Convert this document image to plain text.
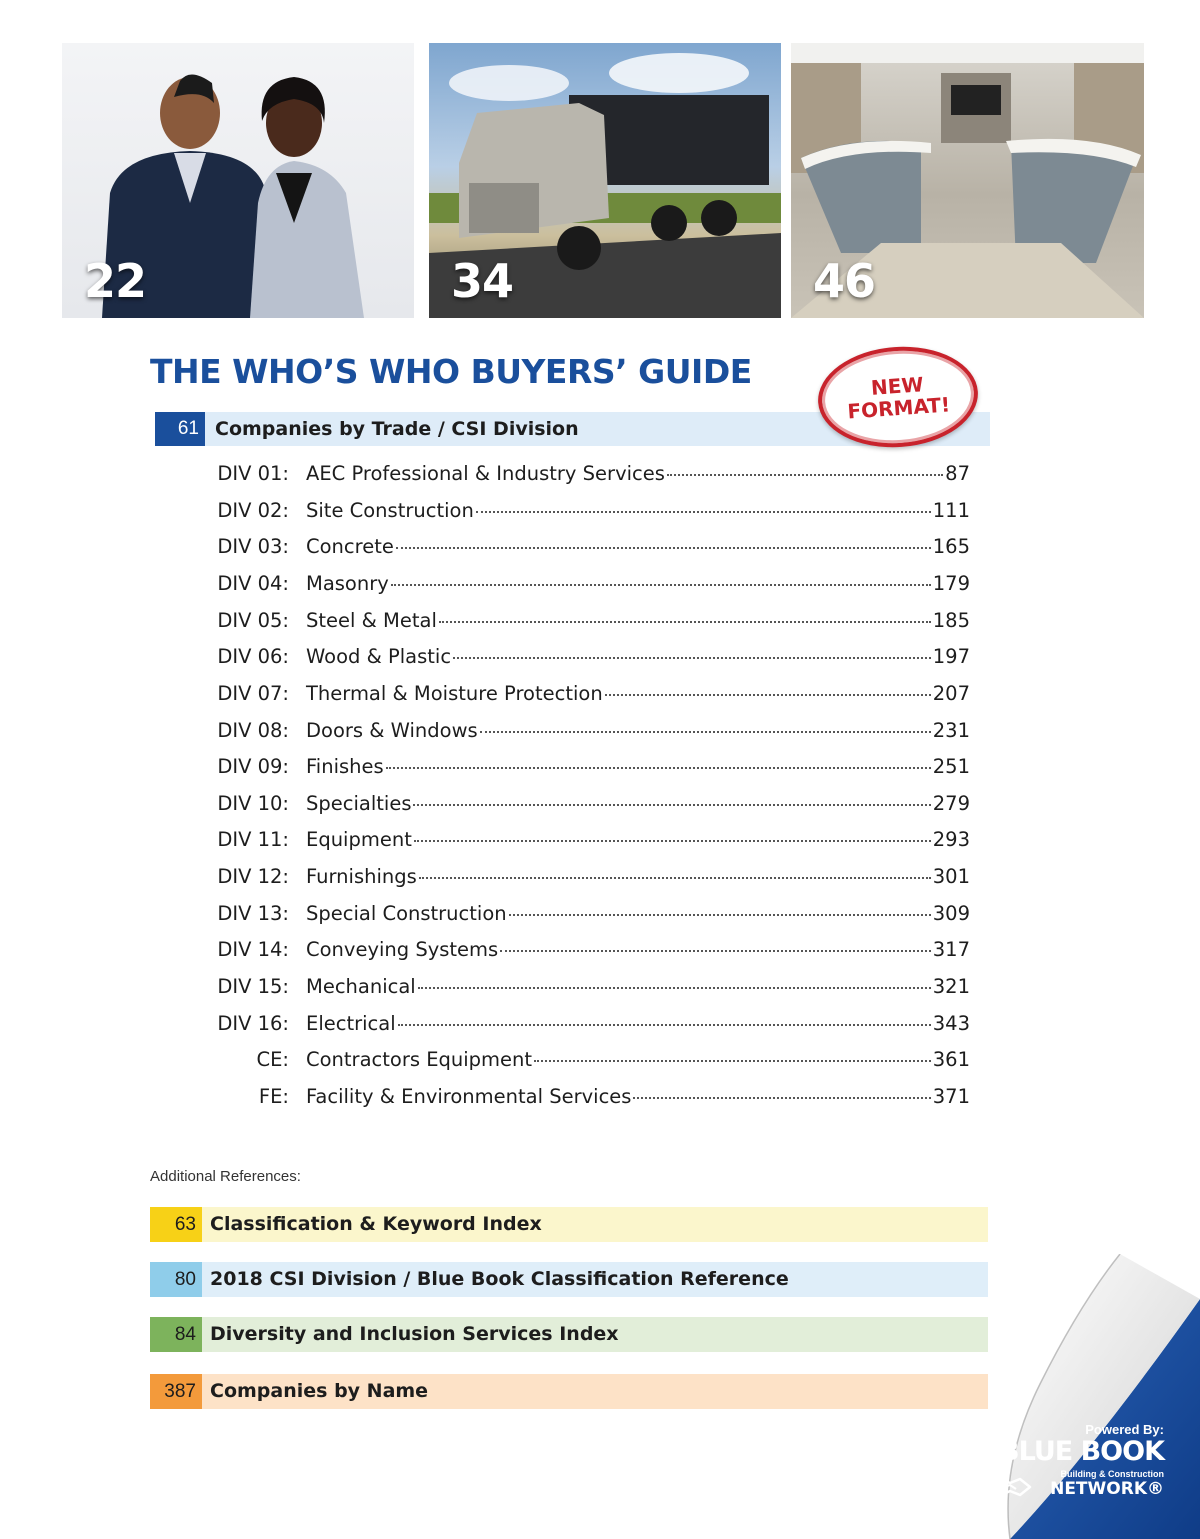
22	34	46
THE WHO’S WHO BUYERS’ GUIDE
61 Companies by Trade / CSI Division
NEW
FORMAT!
DIV 01: AEC Professional & Industry Services	87
DIV 02: Site Construction	111
DIV 03: Concrete	165
DIV 04: Masonry	179
DIV 05: Steel & Metal	185
DIV 06: Wood & Plastic	197
DIV 07: Thermal & Moisture Protection	207
DIV 08: Doors & Windows	231
DIV 09: Finishes	251
DIV 10: Specialties	279
DIV 11: Equipment	293
DIV 12: Furnishings	301
DIV 13: Special Construction	309
DIV 14: Conveying Systems	317
DIV 15: Mechanical	321
DIV 16: Electrical	343
CE: Contractors Equipment	361
FE: Facility & Environmental Services	371
Additional References:
63 Classification & Keyword Index
80 2018 CSI Division / Blue Book Classification Reference
84 Diversity and Inclusion Services Index
387 Companies by Name
Powered By:
THEBLUE BOOK
Building & Construction
NETWORK®
